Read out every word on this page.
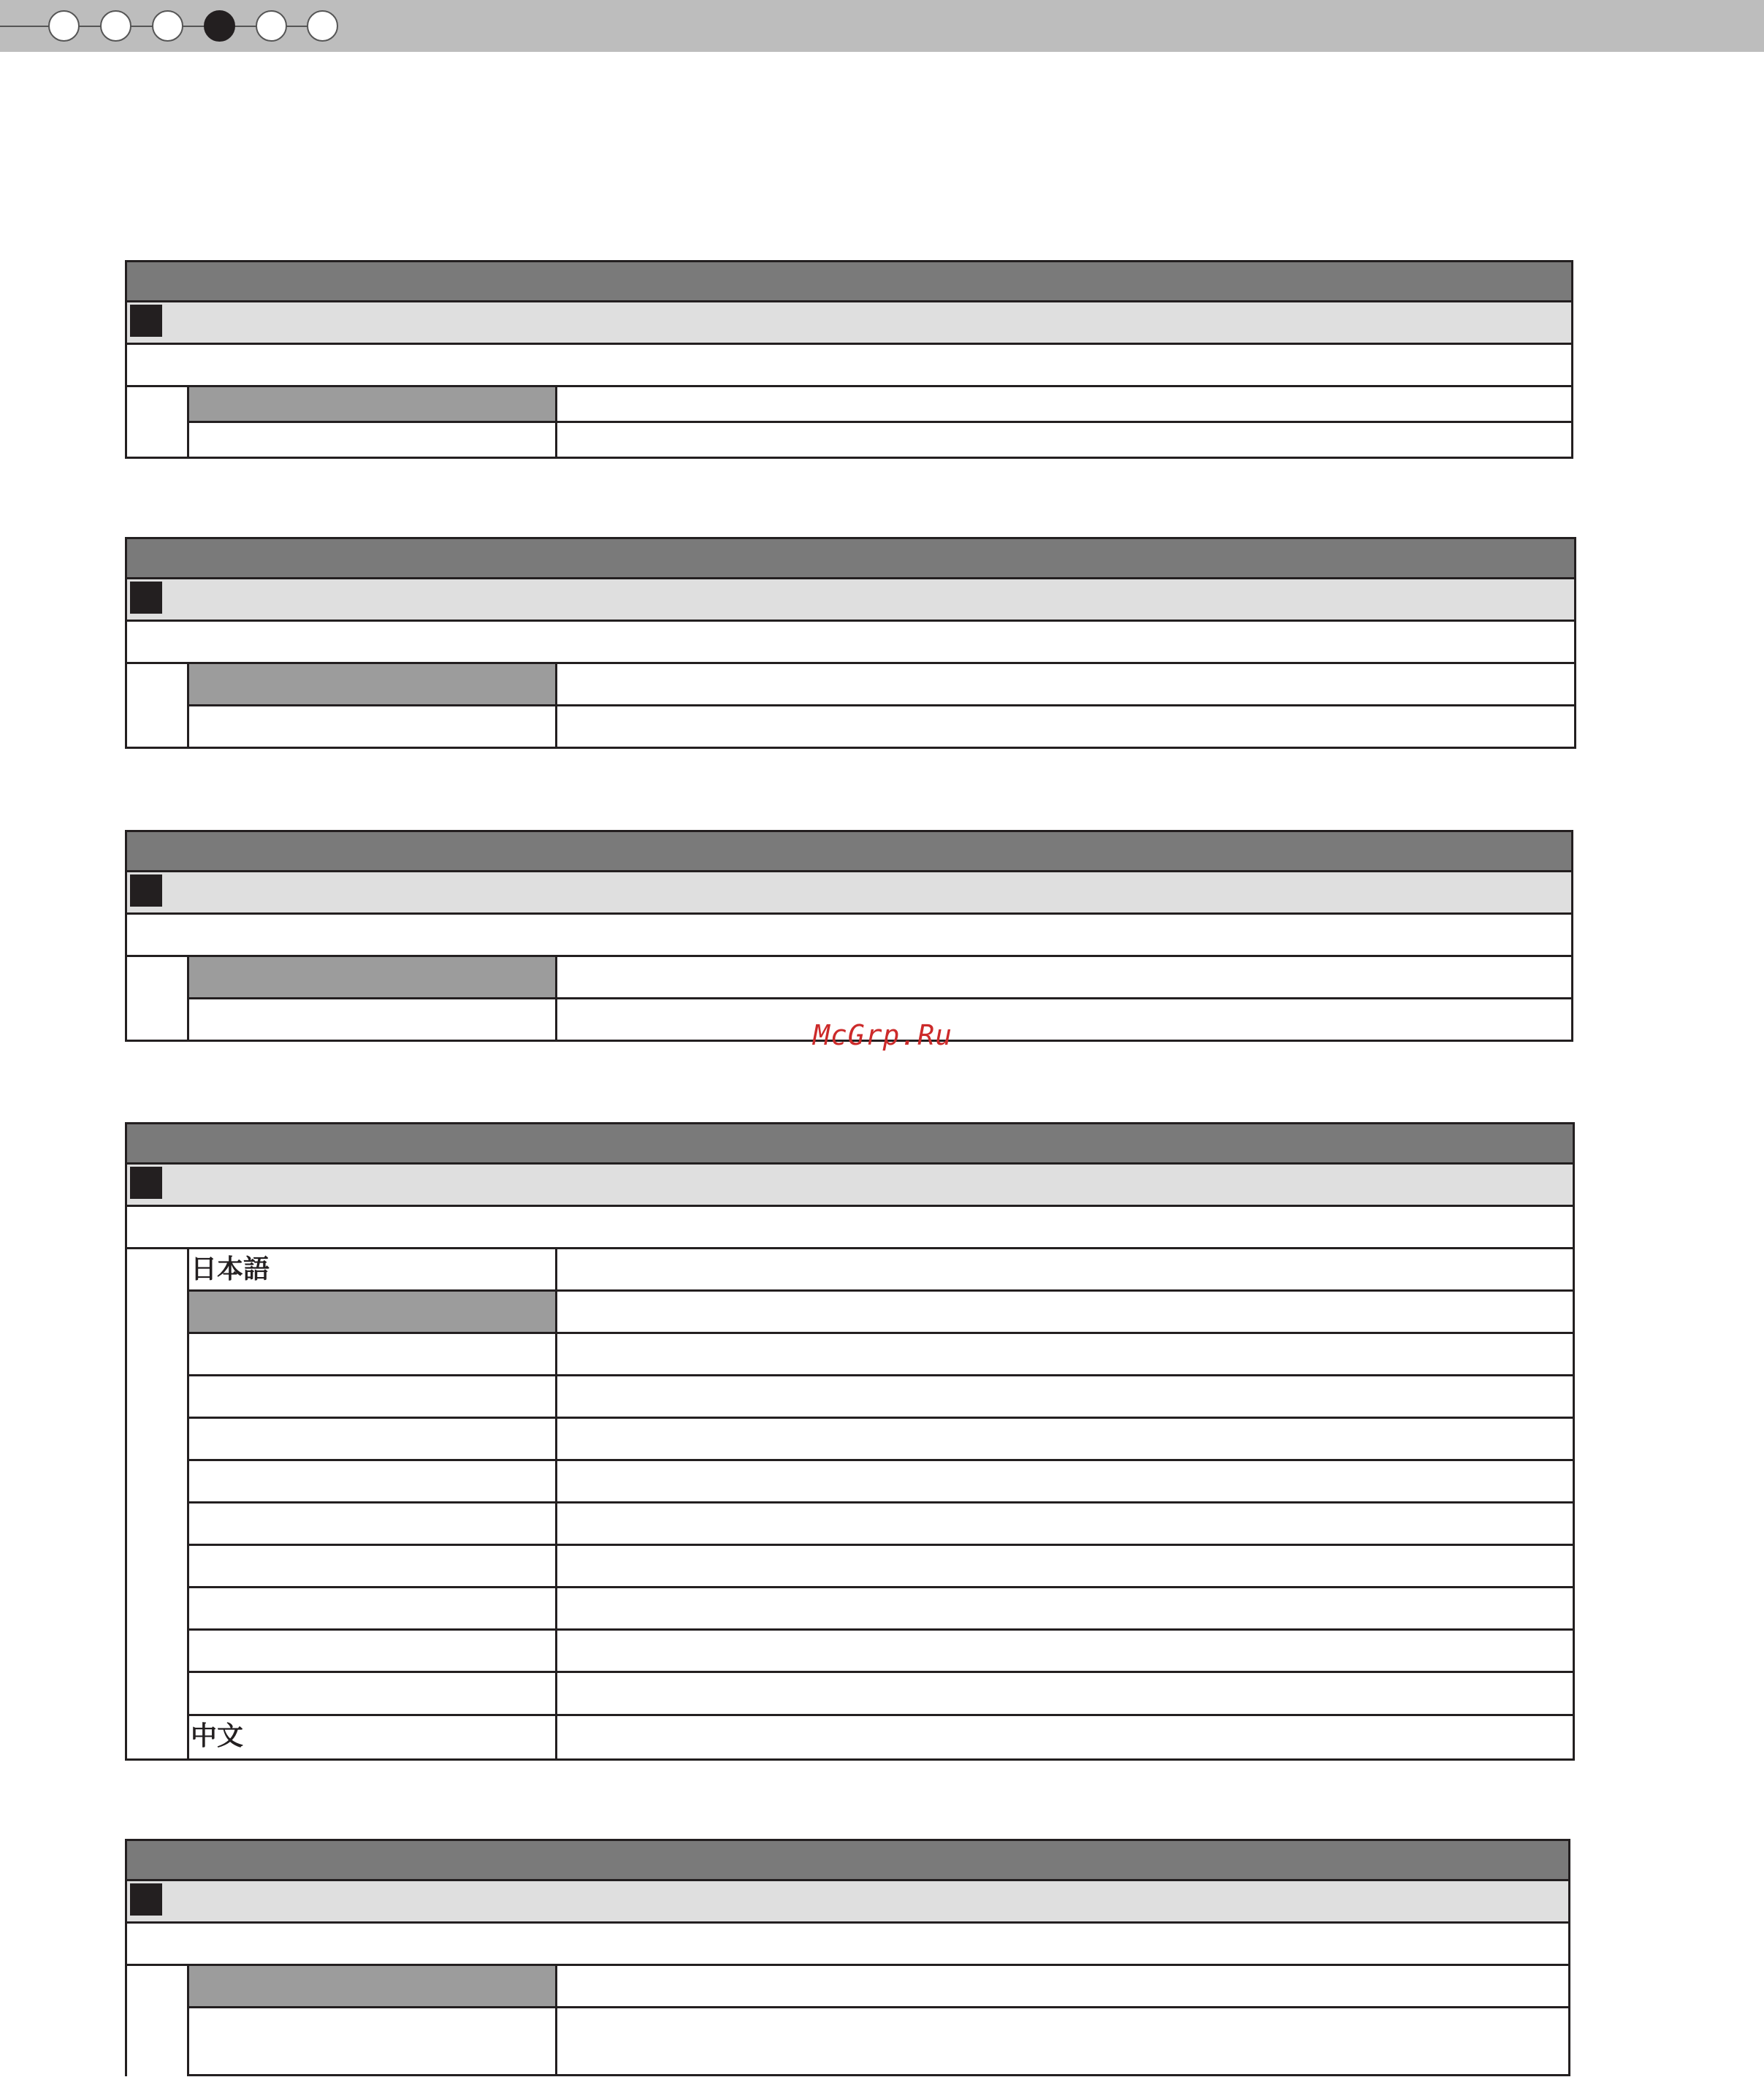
日本語
中文
McGrp.Ru
